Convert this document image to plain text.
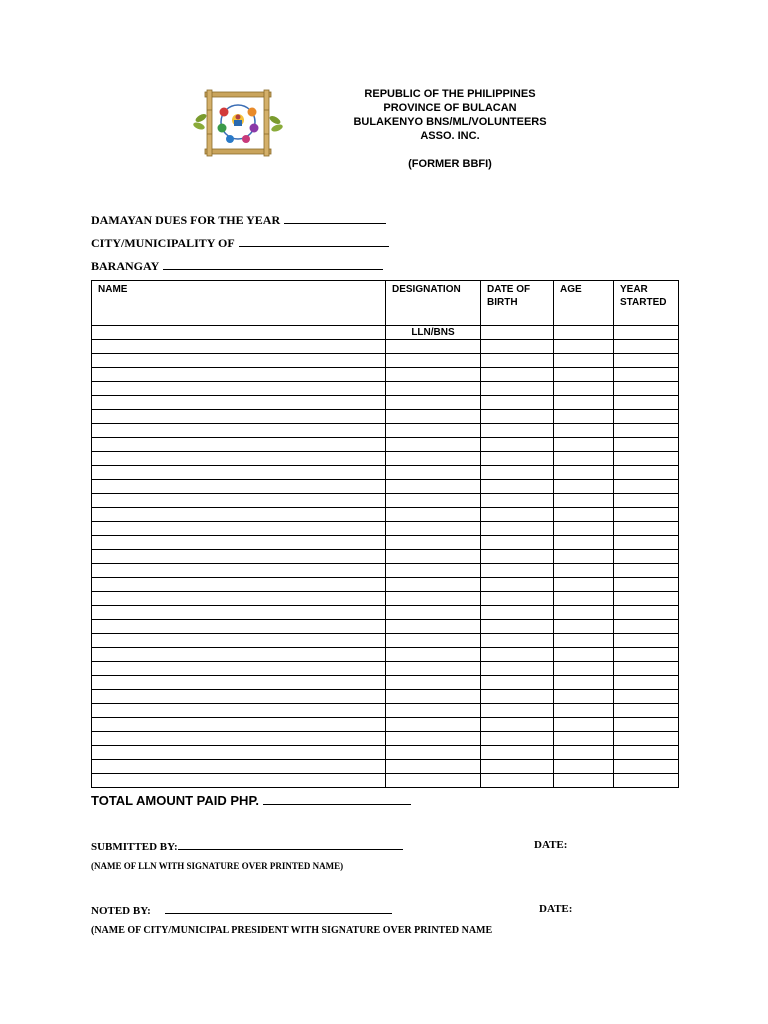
REPUBLIC OF THE PHILIPPINES
PROVINCE OF BULACAN
BULAKENYO BNS/ML/VOLUNTEERS
ASSO. INC.
(FORMER BBFI)
DAMAYAN DUES FOR THE YEAR
CITY/MUNICIPALITY OF
BARANGAY
NAME	DESIGNATION	DATE OF BIRTH	AGE	YEAR STARTED
	LLN/BNS			

TOTAL AMOUNT PAID PHP.
SUBMITTED BY:	DATE:
(NAME OF LLN WITH SIGNATURE OVER PRINTED NAME)
NOTED BY:	DATE:
(NAME OF CITY/MUNICIPAL PRESIDENT WITH SIGNATURE OVER PRINTED NAME
